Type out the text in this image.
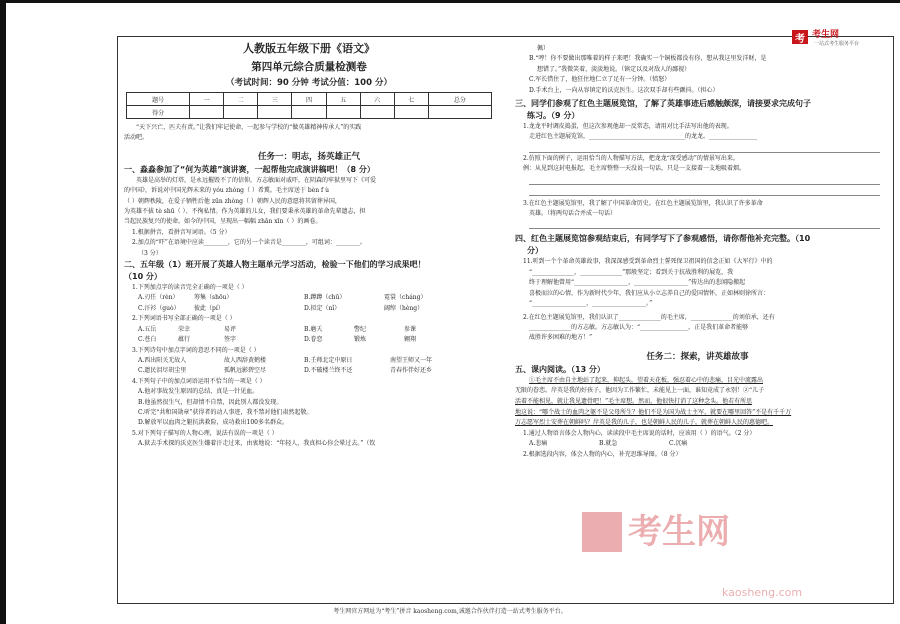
考 考生网
一站式考生服务平台
人教版五年级下册《语文》
第四单元综合质量检测卷
（考试时间：90 分钟 考试分值：100 分）
题号	一	二	三	四	五	六	七	总分
得分								
“天下兴亡，匹夫有责。”让我们牢记使命，一起参与学校的“做英雄精神传承人”的实践
活动吧。
任务一：明志，扬英雄正气
一、淼淼参加了“何为英雄”演讲赛，一起帮他完成演讲稿吧！（8 分）
英雄是高举的灯塔，是永远摧毁不了的信仰，方志敏面对戚吓，在阴森的牢狱里写下《可爱
的中国》，诉说对中国光辉未来的 yóu zhòng（ ）希冀。毛主席送于 bèn f ù
（ ）朝辉秩陵，在爱子牺牲后他 zūn zhòng（ ）朝辉人民的意愿将其留葬异国，
为英雄不拔 tè shū（ ）、不徇私情。作为英雄的儿女，我们要秉承英雄的革命先辈遗志，担
当起民族复兴的使命。如今的中国，呈现出一幅幅 zhān xīn（ ）的画卷。
1.根据拼音，看拼音写词语。（5 分）
2.加点的“吓”在语境中应读________，它的另一个读音是________，可组词：________。
（3 分）
二、五年级（1）班开展了英雄人物主题单元学习活动，检验一下他们的学习成果吧！
（10 分）
1.下列加点字的读音完全正确的一项是（ ）
A.刃任（rèn）	筹集（shōu）	B.蹲蹲（chū）	霓裳（cháng）
C.汗衫（guò）	彼此（pí）	D.拟定（nǐ）	阔绰（hèng）
2.下列词语书写全部正确的一项是（ ）
A.五岳	荣幸	易评	B.磨夭	警纪	参课
C.苍白	蕴行	签字	D.眷恋	锻炼	翱翔
3.下列诗句中加点字词的意思不同的一项是（ ）
A.西出阳关无故人	故人西辞黄鹤楼	B.壬师北定中原日	南望王师又一年
C.遗民泪尽胡尘里	孤帆远影碧空尽	D.不破楼兰终不还	青春作伴好还乡
4.下列句子中的加点词语运用不恰当的一项是（ ）
A.他对事故发生原因的总结，真是一针见血。
B.他虽然很生气，但却情不自禁，因此别人都没发现。
C.听完“共和国勋章”获得者的动人事迹，我不禁对他们肃然起敬。
D.解放军以血肉之躯抗洪救险，成功救出100多名群众。
5.对下列句子描写的人物心理，说法有误的一项是（ ）
A.狱去手术探的沃克医生嫌着汗走过来，由衷地说：“年轻人，我真担心你会晕过去。”（钦
佩）
B.“哼！你不要做出那唯着的样子来吧！我确实一个铜板都没有你，想从我这里发洋财，是
想错了。”我微笑着，淡淡地说。（镇定以及对敌人的鄙视）
C.军长惜住了，他狂住地仁立了足有一分钟。（愤怒）
D.手术台上，一向从容镇定的沃克医生。这次双手却有些颤抖。（担心）
三、同学们参观了红色主题展览馆，了解了英雄事迹后感触颇深，请接要求完成句子
练习。（9 分）
1.龙龙平时调皮捣蛋，但这次参观他却一反常态，请用对比手法写出他的表现。
走进红色主题展览馆，________________________________的龙龙。________________
2.仿照下面的例子，运用恰当的人物描写方法，把龙龙“深受感动”的情景写出来。
例：从见到这封电报起，毛主席整整一天没说一句话，只是一支接着一支地吸着烟。
3.在红色主题展览馆里，我了解了中国革命历史。在红色主题展览馆里，我认识了许多革命
英雄。（将两句话合并成一句话）
四、红色主题展览馆参观结束后，有同学写下了参观感悟，请你帮他补充完整。（10
分）
11.听到一个个革命英雄故事，我深深感受到革命烈士誓死保卫祖国的信念正如《大军行》中的
“______________，______________”那般坚定；看到关于抗战胜利的展览，我
终于理解他曾用“__________________，__________________”传达出的悲闻隐搬起
喜极而泣的心情，作为新时代少年，我们应从小立志养自己的爱国情怀，正如林则徐所言：
“__________________，__________________。”
2.在红色主题展览馆里，我们认识了______________的毛主席，______________的刘伯承，还有
______________的方志敏。方志敏认为：“________________，正是我们革命者能够
战胜许多困难的地方！”
任务二：探索，讲英雄故事
五、课内阅读。（13 分）
①毛主席不由自主地站了起来，抑起头，望着天花板，强忍着心中的悲痛，目光中流露出
无限的眷恋。岸英是我的好孩子，他因为工作繁忙，未能见上一面，谁知竟成了永别！②“儿子
活着不能相见，就让我见遗骨吧！”毛主席想。然而，他很快打消了这种念头。他若有所思
地这说：“哪个战士的血肉之躯不是父母所生？他们不是为国为战士主军，就要在哪里回答”不是有千千万
万志愿军烈士安葬在朝鲜吗？岸英是我的儿子，也是朝鲜人民的儿子，就葬在朝鲜人民的惠德吧。
1.通过人物语言体会人物内心，读读段中毛主席说的话时，应该用（ ）的语气。（2 分）
A.悲痛	B.就急	C.沉痛
2.根据选段内容，体会人物的内心，补充思维导图。（8 分）
考生网
kaosheng.com
考生网官方网址为“考生”拼音 kaosheng.com,诚邀合作伙伴打造一站式考生服务平台。
